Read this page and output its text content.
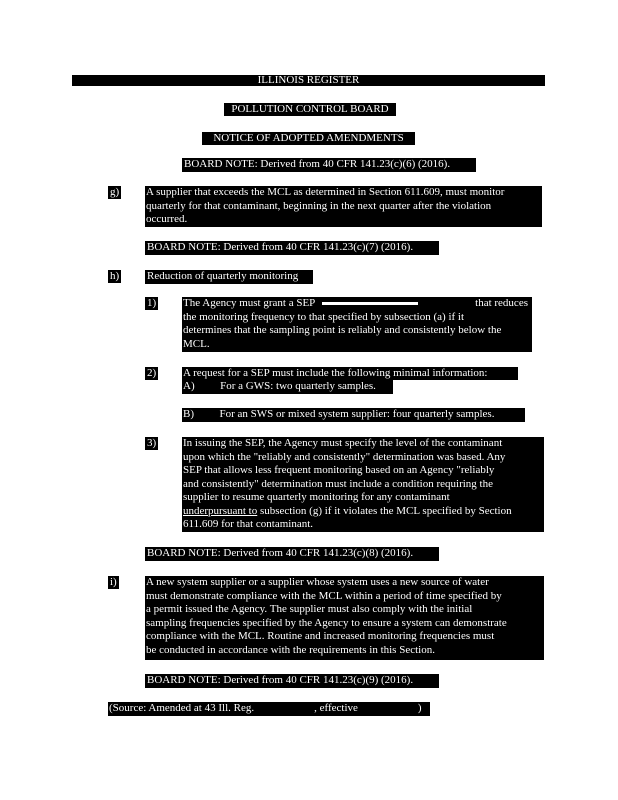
ILLINOIS REGISTER
POLLUTION CONTROL BOARD
NOTICE OF ADOPTED AMENDMENTS
BOARD NOTE: Derived from 40 CFR 141.23(c)(6) (2016).
g) A supplier that exceeds the MCL as determined in Section 611.609, must monitor
quarterly for that contaminant, beginning in the next quarter after the violation
occurred.
BOARD NOTE: Derived from 40 CFR 141.23(c)(7) (2016).
h)	Reduction of quarterly monitoring
1) The Agency must grant a SEP	that reduces
the monitoring frequency to that specified by subsection (a) if it
determines that the sampling point is reliably and consistently below the
MCL.
2) A request for a SEP must include the following minimal information:
A) For a GWS: two quarterly samples.
B) For an SWS or mixed system supplier: four quarterly samples.
3) In issuing the SEP, the Agency must specify the level of the contaminant
upon which the "reliably and consistently" determination was based. Any
SEP that allows less frequent monitoring based on an Agency "reliably
and consistently" determination must include a condition requiring the
supplier to resume quarterly monitoring for any contaminant
underpursuant to subsection (g) if it violates the MCL specified by Section
611.609 for that contaminant.
BOARD NOTE: Derived from 40 CFR 141.23(c)(8) (2016).
i)	A new system supplier or a supplier whose system uses a new source of water
must demonstrate compliance with the MCL within a period of time specified by
a permit issued the Agency. The supplier must also comply with the initial
sampling frequencies specified by the Agency to ensure a system can demonstrate
compliance with the MCL. Routine and increased monitoring frequencies must
be conducted in accordance with the requirements in this Section.
BOARD NOTE: Derived from 40 CFR 141.23(c)(9) (2016).
(Source: Amended at 43 Ill. Reg.	, effective	)
